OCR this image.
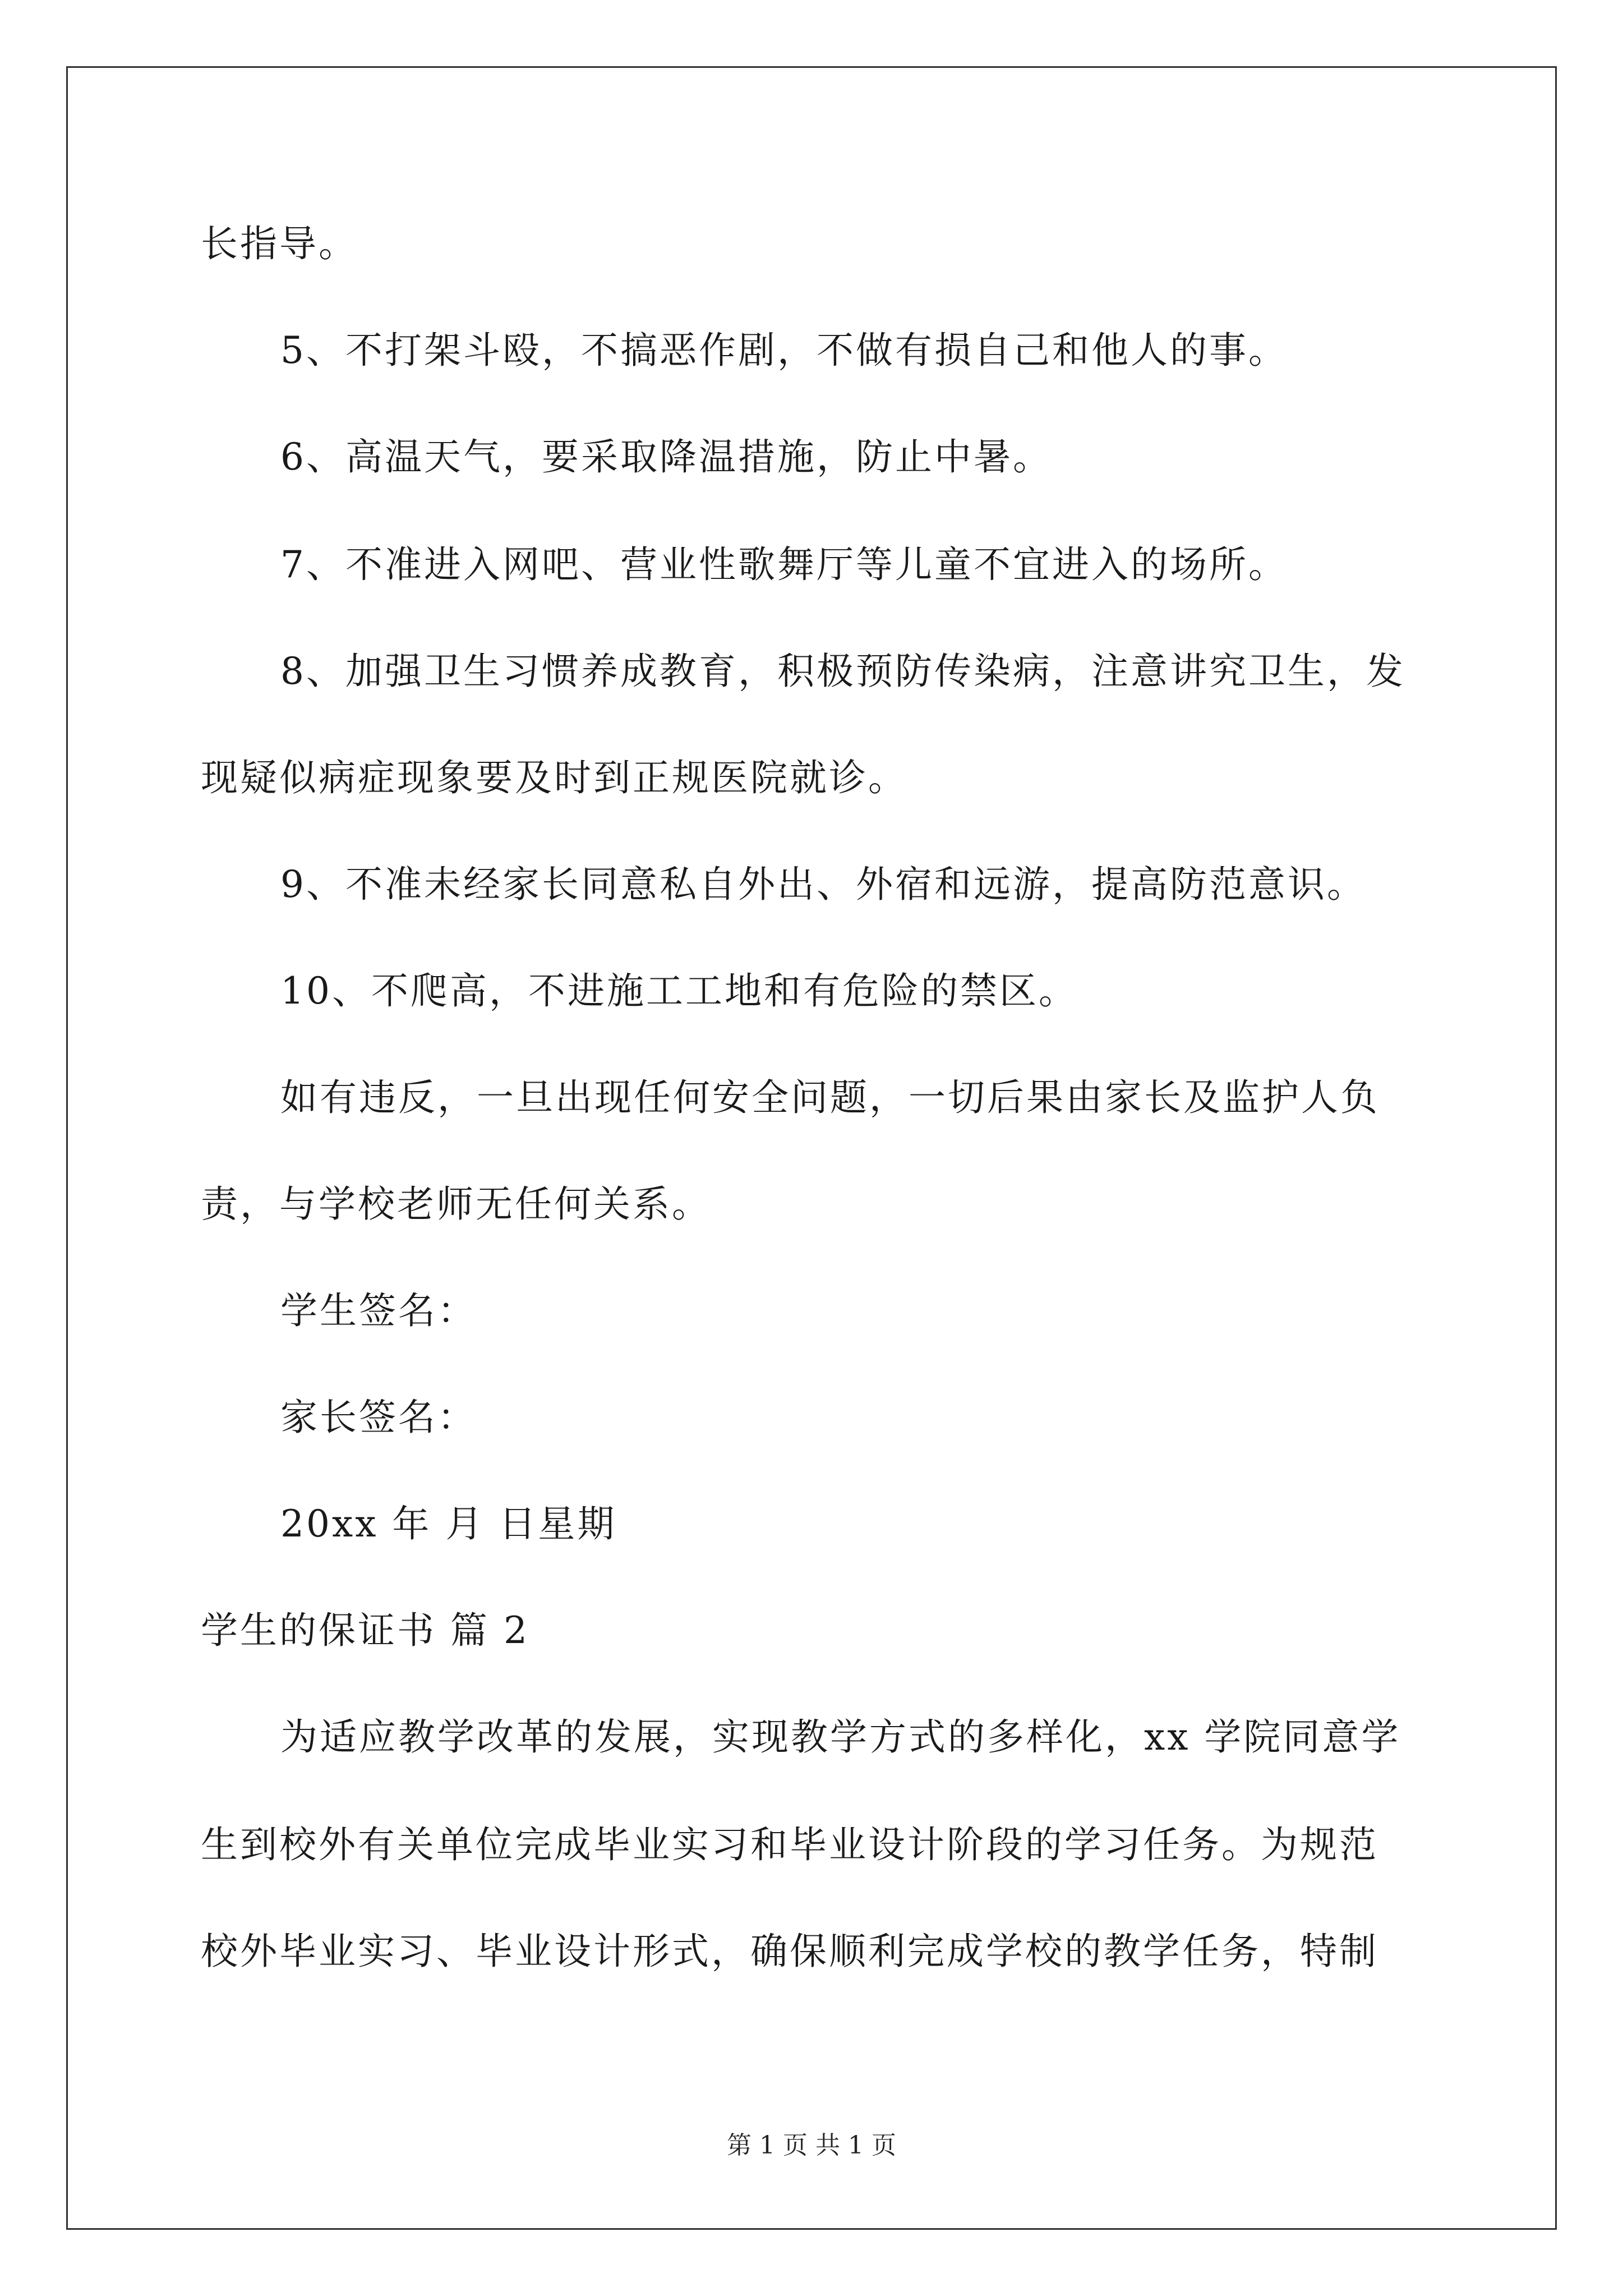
长指导。
5、不打架斗殴，不搞恶作剧，不做有损自己和他人的事。
6、高温天气，要采取降温措施，防止中暑。
7、不准进入网吧、营业性歌舞厅等儿童不宜进入的场所。
8、加强卫生习惯养成教育，积极预防传染病，注意讲究卫生，发
现疑似病症现象要及时到正规医院就诊。
9、不准未经家长同意私自外出、外宿和远游，提高防范意识。
10、不爬高，不进施工工地和有危险的禁区。
如有违反，一旦出现任何安全问题，一切后果由家长及监护人负
责，与学校老师无任何关系。
学生签名：
家长签名：
20xx 年 月 日星期
学生的保证书 篇 2
为适应教学改革的发展，实现教学方式的多样化，xx 学院同意学
生到校外有关单位完成毕业实习和毕业设计阶段的学习任务。为规范
校外毕业实习、毕业设计形式，确保顺利完成学校的教学任务，特制
第 1 页 共 1 页
